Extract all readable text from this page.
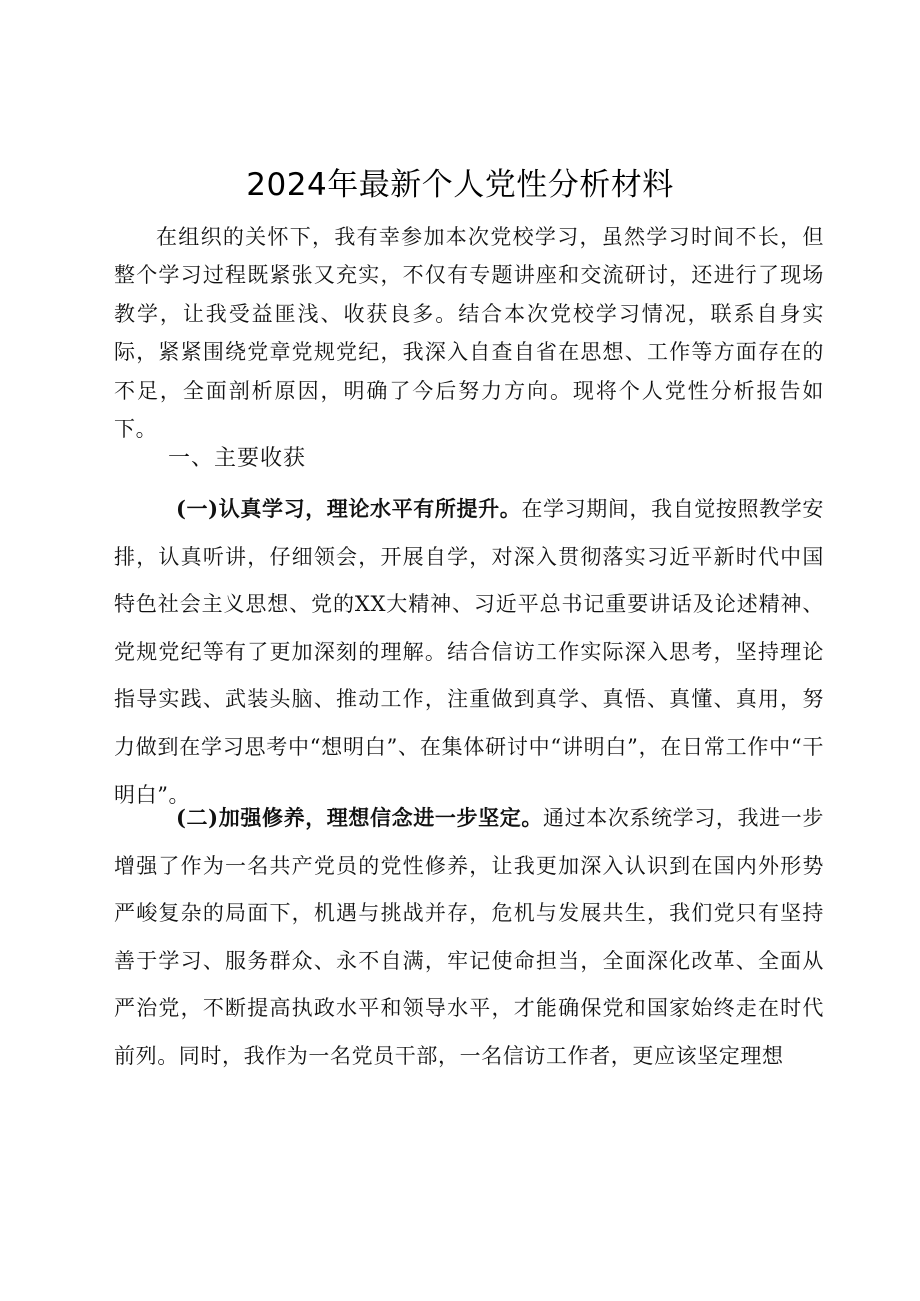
2024年最新个人党性分析材料

在组织的关怀下，我有幸参加本次党校学习，虽然学习时间不长，但整个学习过程既紧张又充实，不仅有专题讲座和交流研讨，还进行了现场教学，让我受益匪浅、收获良多。结合本次党校学习情况，联系自身实际，紧紧围绕党章党规党纪，我深入自查自省在思想、工作等方面存在的不足，全面剖析原因，明确了今后努力方向。现将个人党性分析报告如下。

一、主要收获

(一)认真学习，理论水平有所提升。在学习期间，我自觉按照教学安排，认真听讲，仔细领会，开展自学，对深入贯彻落实习近平新时代中国特色社会主义思想、党的XX大精神、习近平总书记重要讲话及论述精神、党规党纪等有了更加深刻的理解。结合信访工作实际深入思考，坚持理论指导实践、武装头脑、推动工作，注重做到真学、真悟、真懂、真用，努力做到在学习思考中“想明白”、在集体研讨中“讲明白”，在日常工作中“干明白”。

(二)加强修养，理想信念进一步坚定。通过本次系统学习，我进一步增强了作为一名共产党员的党性修养，让我更加深入认识到在国内外形势严峻复杂的局面下，机遇与挑战并存，危机与发展共生，我们党只有坚持善于学习、服务群众、永不自满，牢记使命担当，全面深化改革、全面从严治党，不断提高执政水平和领导水平，才能确保党和国家始终走在时代前列。同时，我作为一名党员干部，一名信访工作者，更应该坚定理想
